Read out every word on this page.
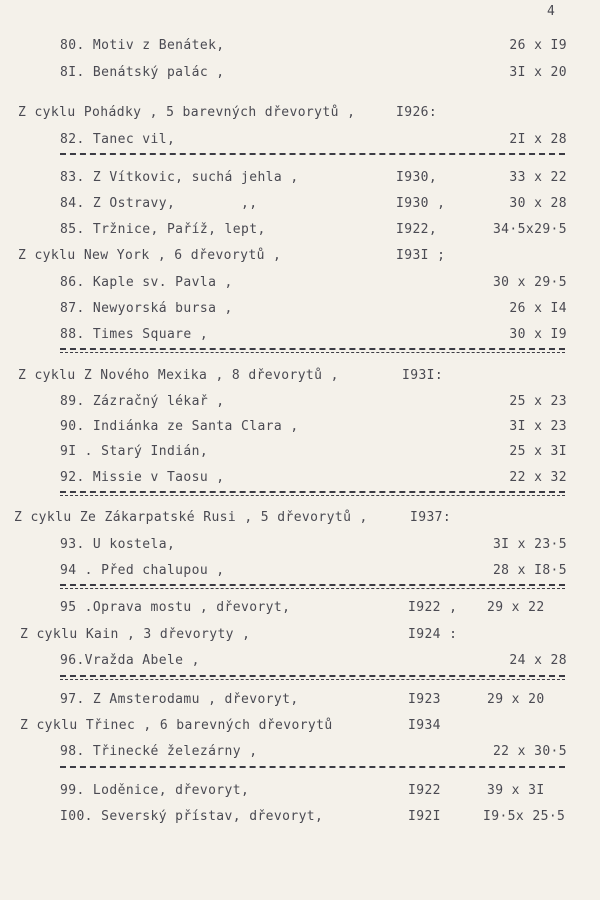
4
80. Motiv z Benátek,	26 x I9
8I. Benátský palác ,	3I x 20
Z cyklu Pohádky , 5 barevných dřevorytů ,	I926:
82. Tanec vil,	2I x 28
83. Z Vítkovic, suchá jehla ,	I930,	33 x 22
84. Z Ostravy,        ,,	I930 ,	30 x 28
85. Tržnice, Paříž, lept,	I922,	34·5x29·5
Z cyklu New York , 6 dřevorytů ,	I93I ;
86. Kaple sv. Pavla ,	30 x 29·5
87. Newyorská bursa ,	26 x I4
88. Times Square ,	30 x I9
Z cyklu Z Nového Mexika , 8 dřevorytů ,	I93I:
89. Zázračný lékař ,	25 x 23
90. Indiánka ze Santa Clara ,	3I x 23
9I . Starý Indián,	25 x 3I
92. Missie v Taosu ,	22 x 32
Z cyklu Ze Zákarpatské Rusi , 5 dřevorytů ,	I937:
93. U kostela,	3I x 23·5
94 . Před chalupou ,	28 x I8·5
95 .Oprava mostu , dřevoryt,	I922 , 29 x 22
Z cyklu Kain , 3 dřevoryty ,	I924 :
96.Vražda Abele ,	24 x 28
97. Z Amsterodamu , dřevoryt,	I923	29 x 20
Z cyklu Třinec , 6 barevných dřevorytů	I934
98. Třinecké železárny ,	22 x 30·5
99. Loděnice, dřevoryt,	I922	39 x 3I
I00. Severský přístav, dřevoryt,	I92I	I9·5x 25·5
